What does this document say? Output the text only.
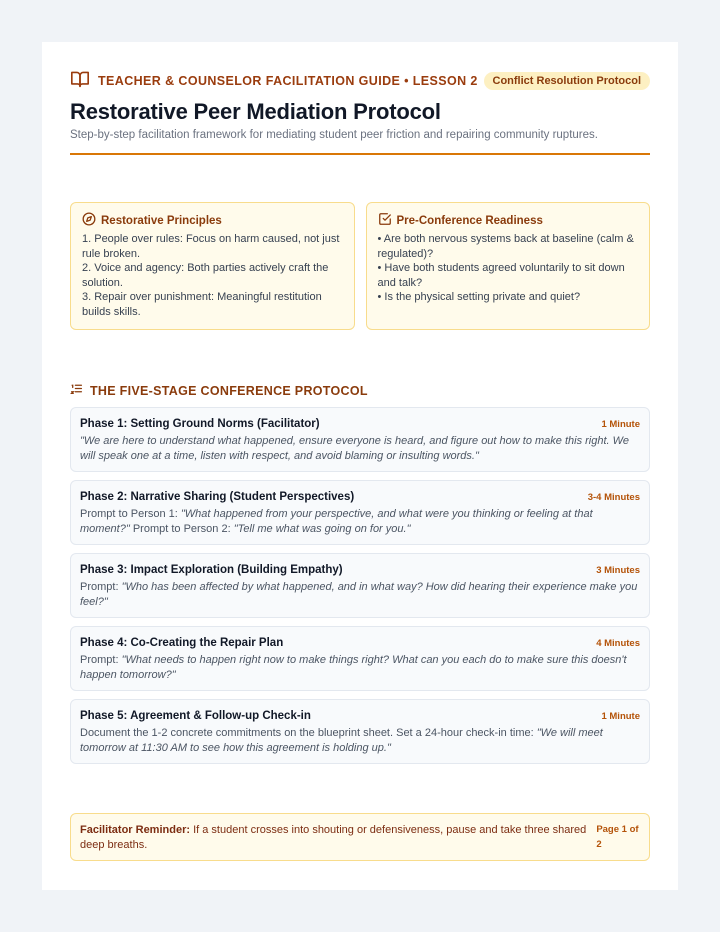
TEACHER & COUNSELOR FACILITATION GUIDE • LESSON 2	Conflict Resolution Protocol
Restorative Peer Mediation Protocol

Step-by-step facilitation framework for mediating student peer friction and repairing community ruptures.

Restorative Principles
1. People over rules: Focus on harm caused, not just rule broken.
2. Voice and agency: Both parties actively craft the solution.
3. Repair over punishment: Meaningful restitution builds skills.
Pre-Conference Readiness
• Are both nervous systems back at baseline (calm & regulated)?
• Have both students agreed voluntarily to sit down and talk?
• Is the physical setting private and quiet?
THE FIVE-STAGE CONFERENCE PROTOCOL
Phase 1: Setting Ground Norms (Facilitator)	1 Minute
"We are here to understand what happened, ensure everyone is heard, and figure out how to make this right. We will speak one at a time, listen with respect, and avoid blaming or insulting words."
Phase 2: Narrative Sharing (Student Perspectives)	3-4 Minutes
Prompt to Person 1: "What happened from your perspective, and what were you thinking or feeling at that moment?" Prompt to Person 2: "Tell me what was going on for you."
Phase 3: Impact Exploration (Building Empathy)	3 Minutes
Prompt: "Who has been affected by what happened, and in what way? How did hearing their experience make you feel?"
Phase 4: Co-Creating the Repair Plan	4 Minutes
Prompt: "What needs to happen right now to make things right? What can you each do to make sure this doesn't happen tomorrow?"
Phase 5: Agreement & Follow-up Check-in	1 Minute
Document the 1-2 concrete commitments on the blueprint sheet. Set a 24-hour check-in time: "We will meet tomorrow at 11:30 AM to see how this agreement is holding up."
Facilitator Reminder: If a student crosses into shouting or defensiveness, pause and take three shared deep breaths.
Page 1 of 2
